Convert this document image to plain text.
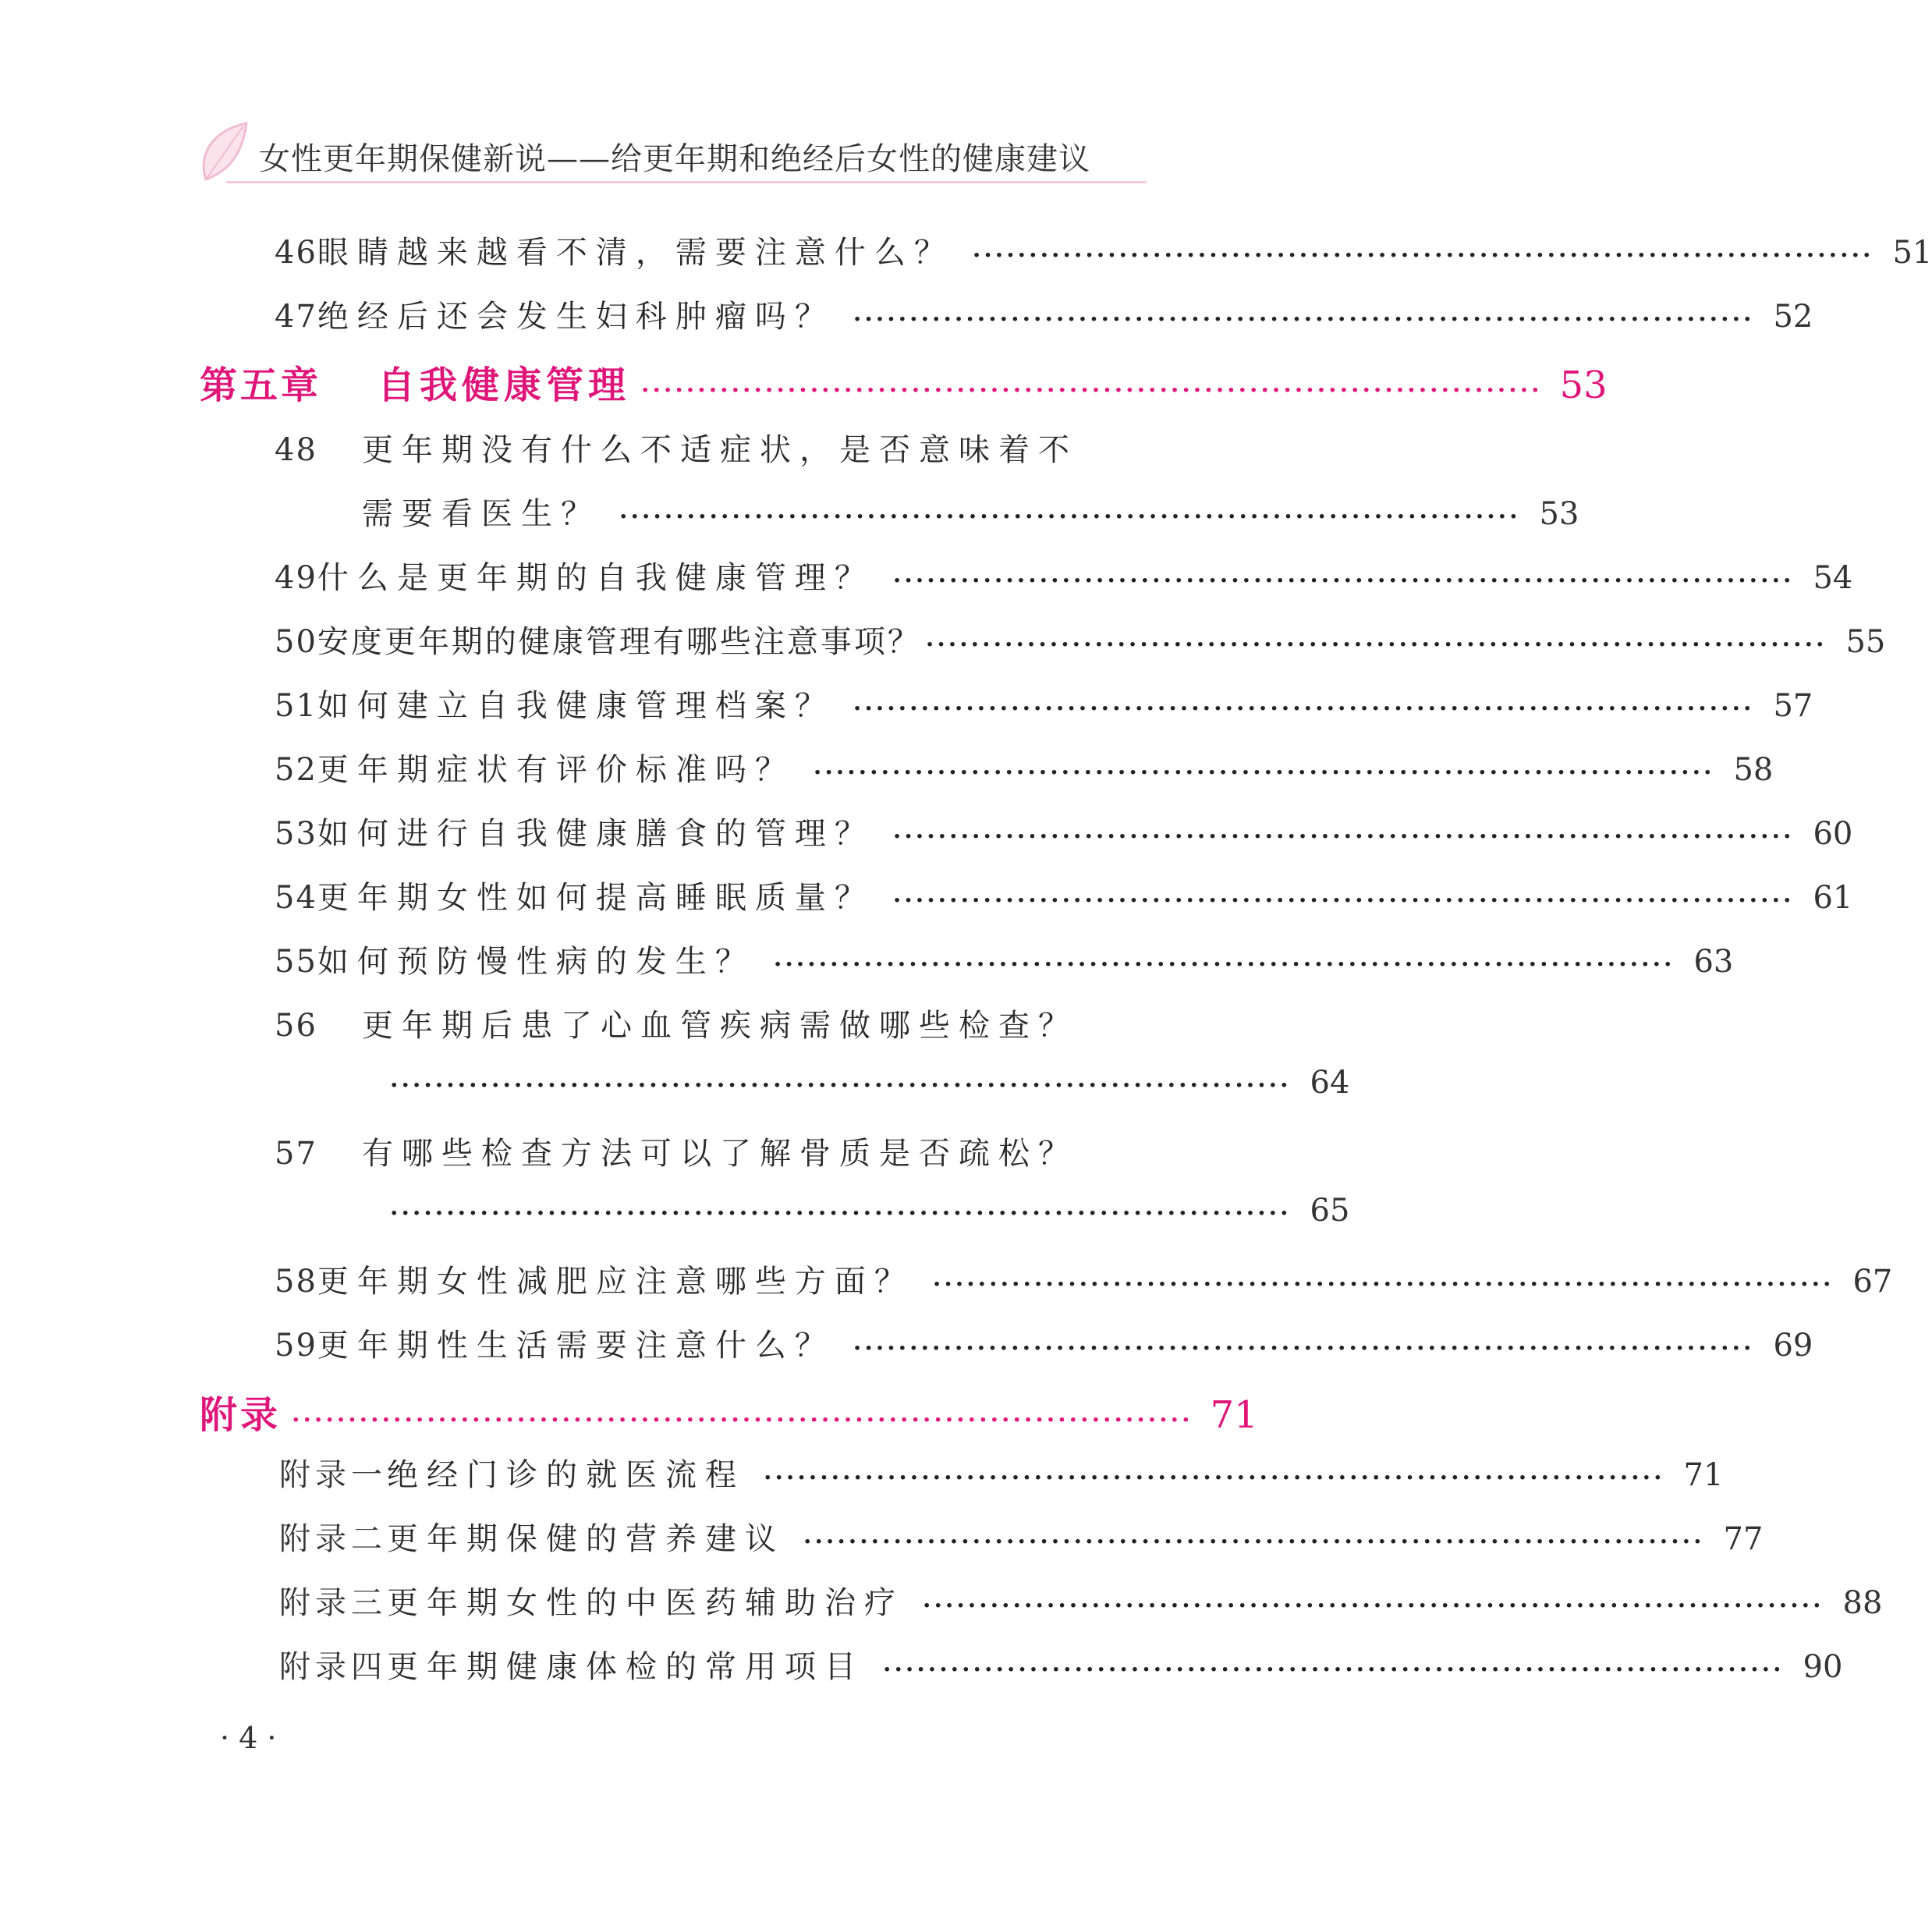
女性更年期保健新说——给更年期和绝经后女性的健康建议
46 眼睛越来越看不清，需要注意什么？ ················································································ 51
47 绝经后还会发生妇科肿瘤吗？ ················································································ 52
第五章 自我健康管理 ················································································ 53
48	更年期没有什么不适症状，是否意味着不
需要看医生？ ················································································ 53
49 什么是更年期的自我健康管理？ ················································································ 54
50 安度更年期的健康管理有哪些注意事项？ ················································································ 55
51 如何建立自我健康管理档案？ ················································································ 57
52 更年期症状有评价标准吗？ ················································································ 58
53 如何进行自我健康膳食的管理？ ················································································ 60
54 更年期女性如何提高睡眠质量？ ················································································ 61
55 如何预防慢性病的发生？ ················································································ 63
56	更年期后患了心血管疾病需做哪些检查？
················································································ 64
57	有哪些检查方法可以了解骨质是否疏松？
················································································ 65
58 更年期女性减肥应注意哪些方面？ ················································································ 67
59 更年期性生活需要注意什么？ ················································································ 69
附录 ················································································ 71
附录一 绝经门诊的就医流程 ················································································ 71
附录二 更年期保健的营养建议 ················································································ 77
附录三 更年期女性的中医药辅助治疗 ················································································ 88
附录四 更年期健康体检的常用项目 ················································································ 90
· 4 ·
